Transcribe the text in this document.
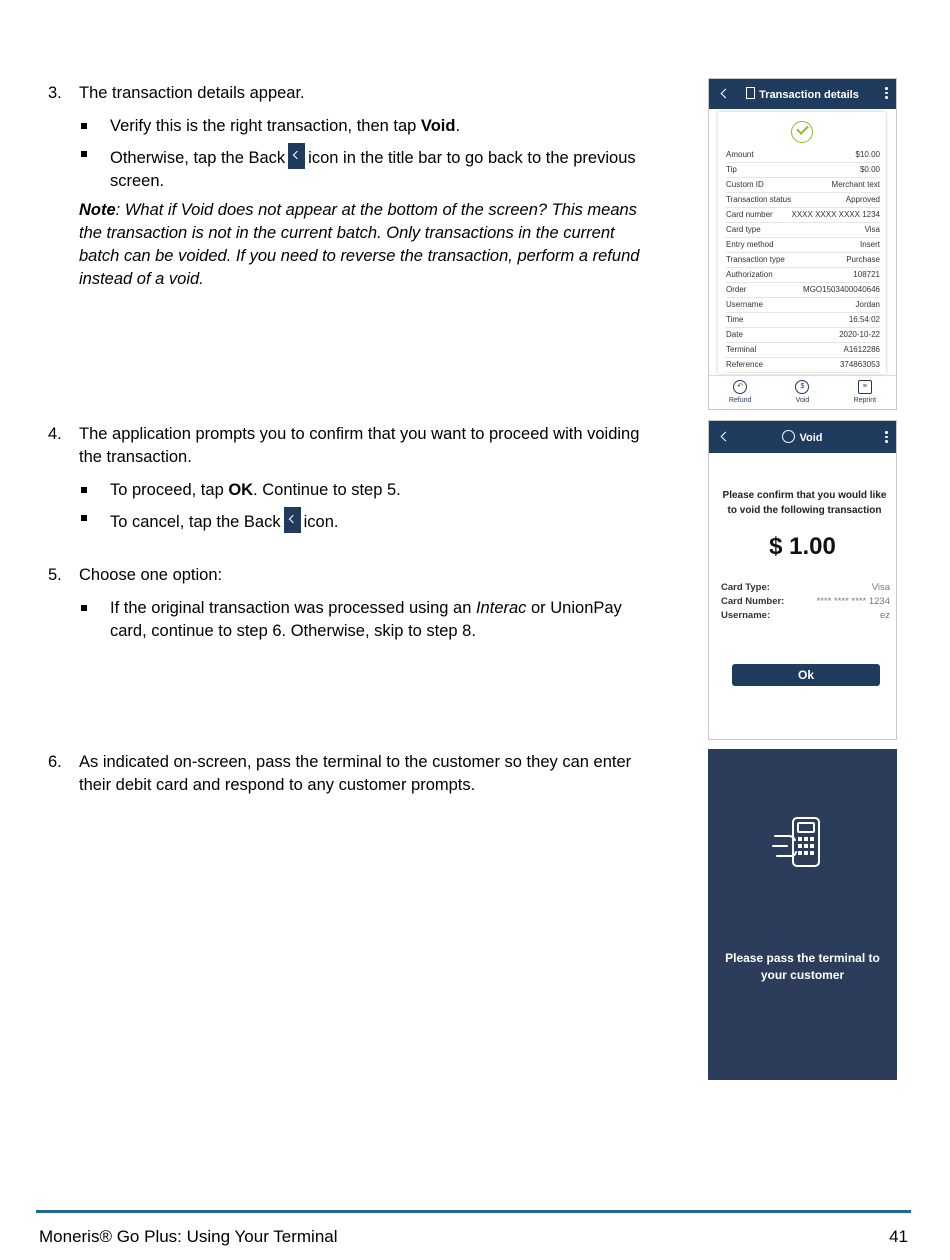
3.	The transaction details appear.
Verify this is the right transaction, then tap Void.
Otherwise, tap the Back icon in the title bar to go back to the previous screen.
Note: What if Void does not appear at the bottom of the screen? This means the transaction is not in the current batch. Only transactions in the current batch can be voided. If you need to reverse the transaction, perform a refund instead of a void.
4.	The application prompts you to confirm that you want to proceed with voiding the transaction.
To proceed, tap OK. Continue to step 5.
To cancel, tap the Back icon.
5.	Choose one option:
If the original transaction was processed using an Interac or UnionPay card, continue to step 6. Otherwise, skip to step 8.
6.	As indicated on-screen, pass the terminal to the customer so they can enter their debit card and respond to any customer prompts.
Transaction details
Amount	$10.00
Tip	$0.00
Custom ID	Merchant text
Transaction status	Approved
Card number XXXX XXXX XXXX 1234
Card type	Visa
Entry method	Insert
Transaction type	Purchase
Authorization	108721
Order	MGO1503400040646
Username	Jordan
Time	16:54:02
Date	2020-10-22
Terminal	A1612286
Reference	374863053
↶
Refund
$
Void
≡
Reprint
Void
Please confirm that you would like to void the following transaction
$ 1.00
Card Type:	Visa
Card Number:	**** **** **** 1234
Username:	ez
Ok
Please pass the terminal to your customer
Moneris® Go Plus: Using Your Terminal	41
